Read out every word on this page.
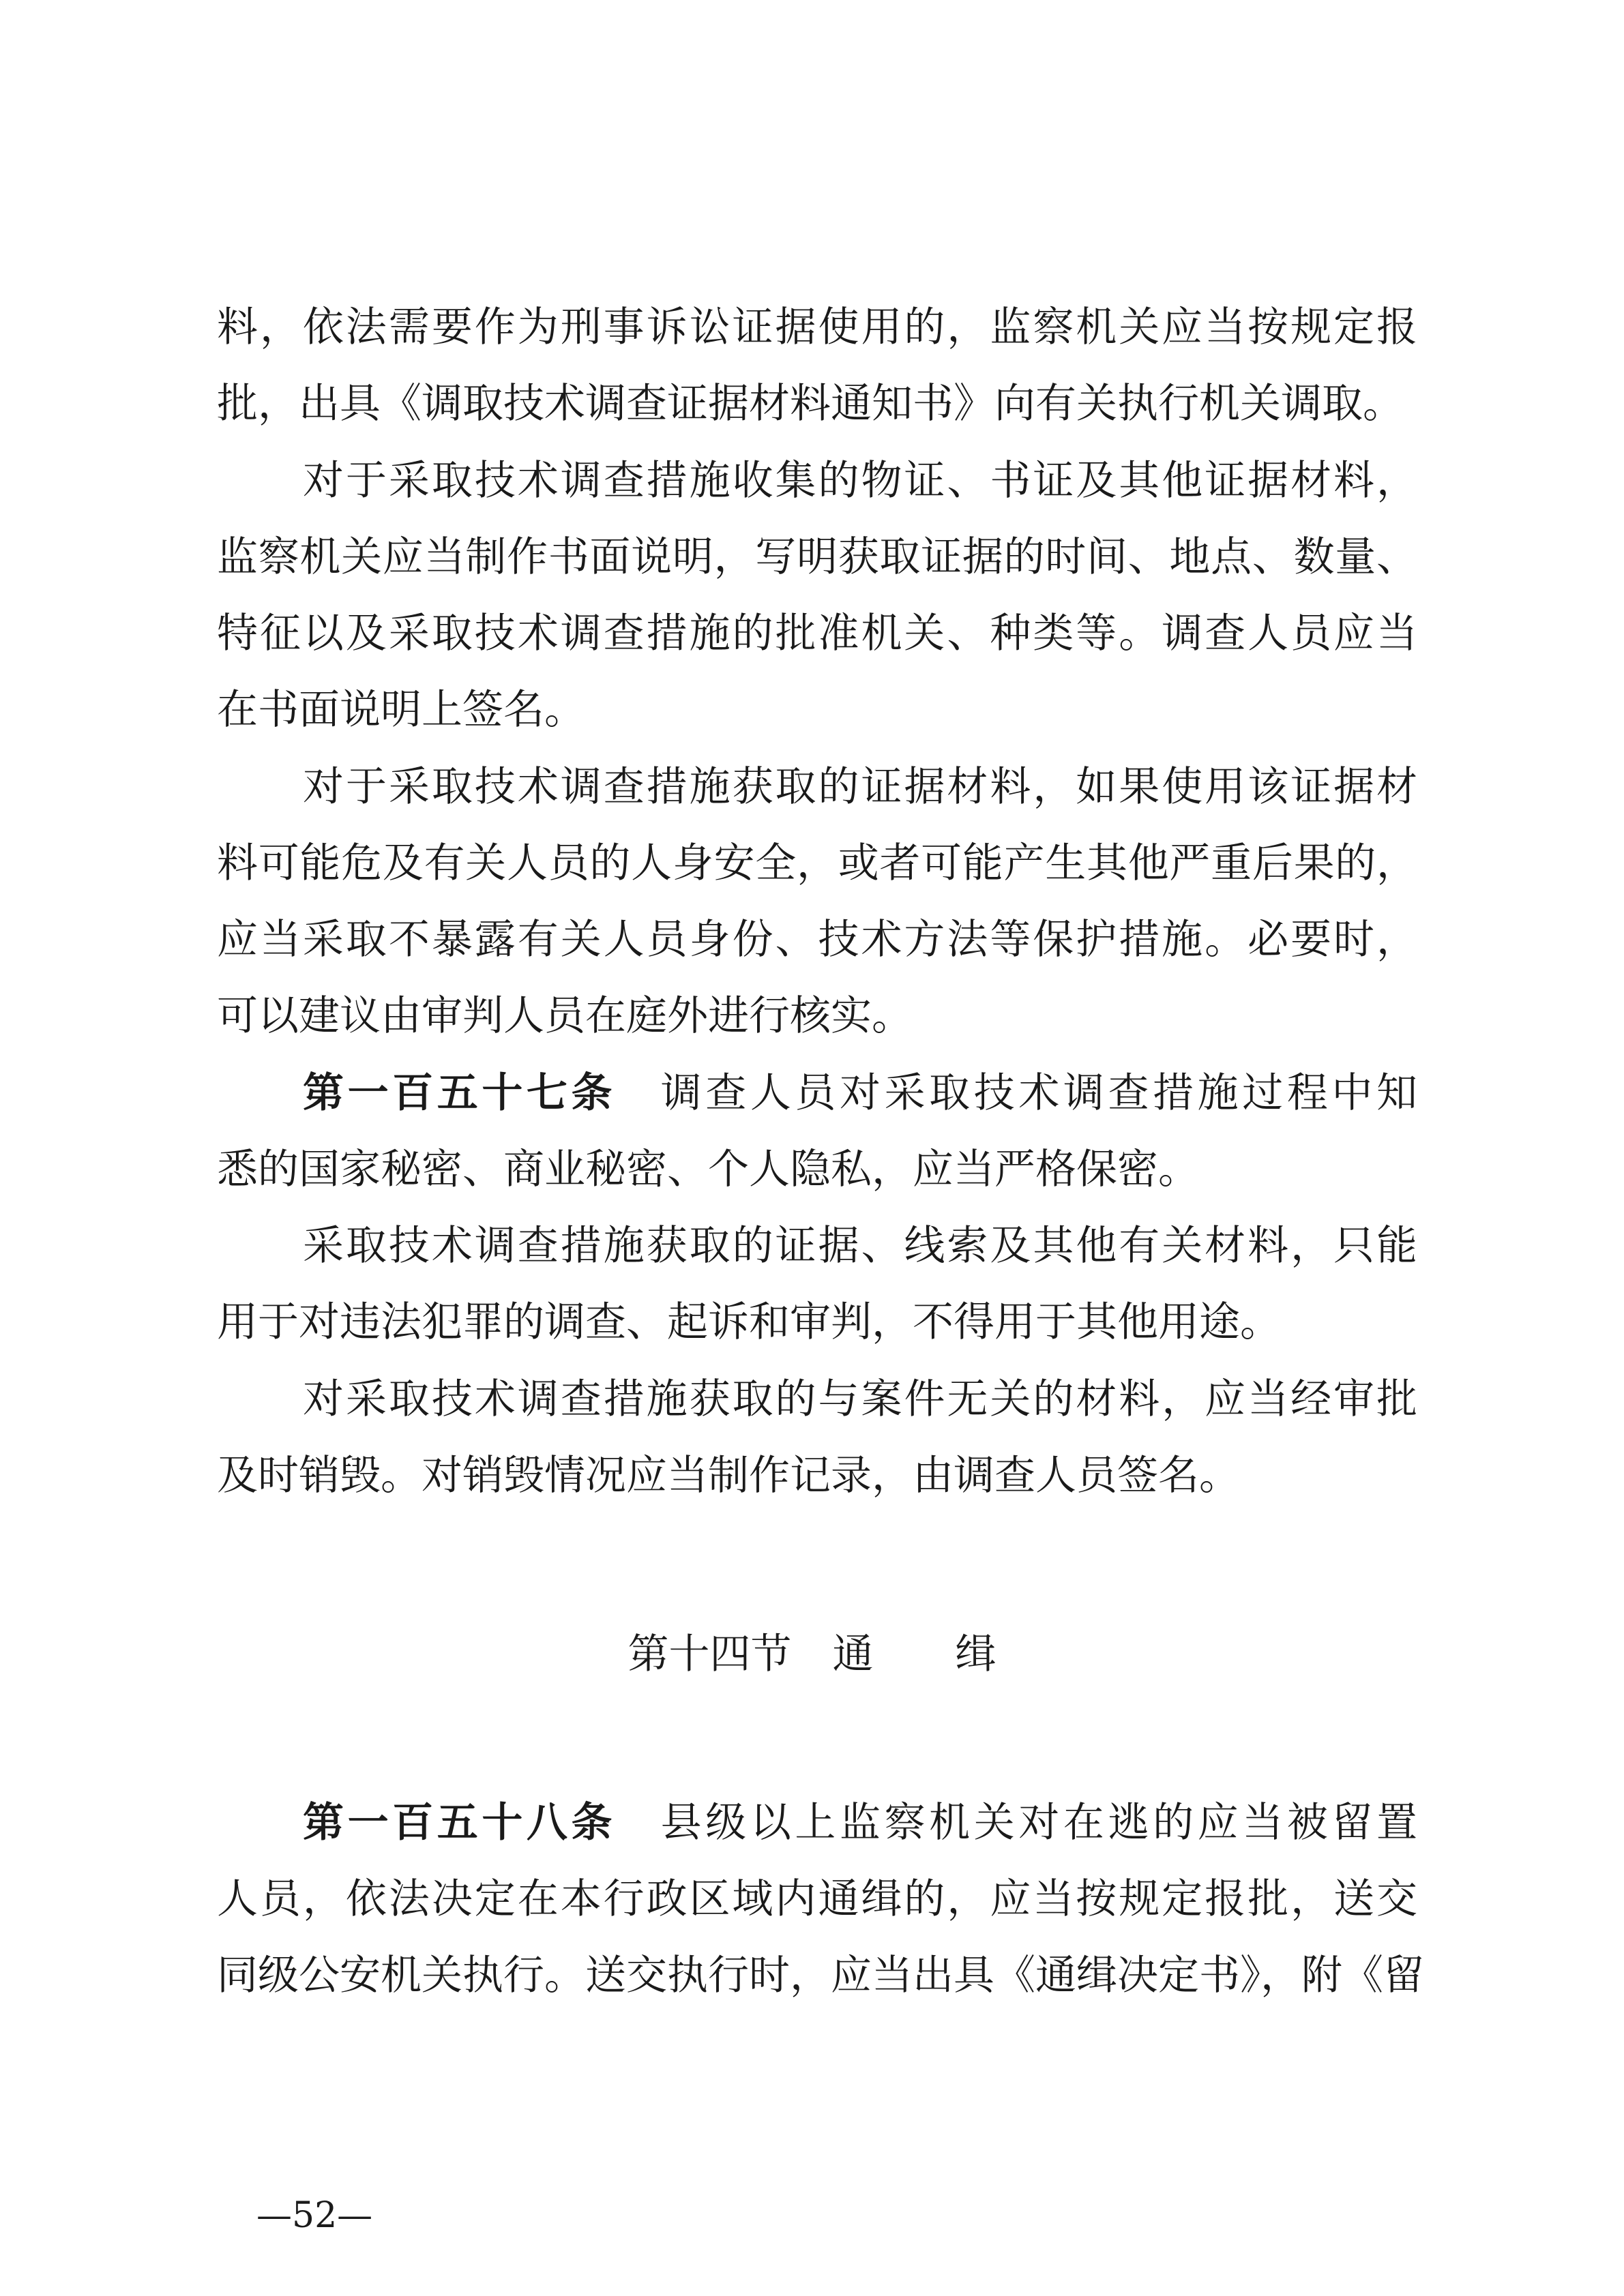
料，依法需要作为刑事诉讼证据使用的，监察机关应当按规定报
批，出具《调取技术调查证据材料通知书》向有关执行机关调取。
对于采取技术调查措施收集的物证、书证及其他证据材料，
监察机关应当制作书面说明，写明获取证据的时间、地点、数量、
特征以及采取技术调查措施的批准机关、种类等。调查人员应当
在书面说明上签名。
对于采取技术调查措施获取的证据材料，如果使用该证据材
料可能危及有关人员的人身安全，或者可能产生其他严重后果的，
应当采取不暴露有关人员身份、技术方法等保护措施。必要时，
可以建议由审判人员在庭外进行核实。
第一百五十七条 调查人员对采取技术调查措施过程中知
悉的国家秘密、商业秘密、个人隐私，应当严格保密。
采取技术调查措施获取的证据、线索及其他有关材料，只能
用于对违法犯罪的调查、起诉和审判，不得用于其他用途。
对采取技术调查措施获取的与案件无关的材料，应当经审批
及时销毁。对销毁情况应当制作记录，由调查人员签名。
第十四节　通　　缉
第一百五十八条 县级以上监察机关对在逃的应当被留置
人员，依法决定在本行政区域内通缉的，应当按规定报批，送交
同级公安机关执行。送交执行时，应当出具《通缉决定书》，附《留
—52—
